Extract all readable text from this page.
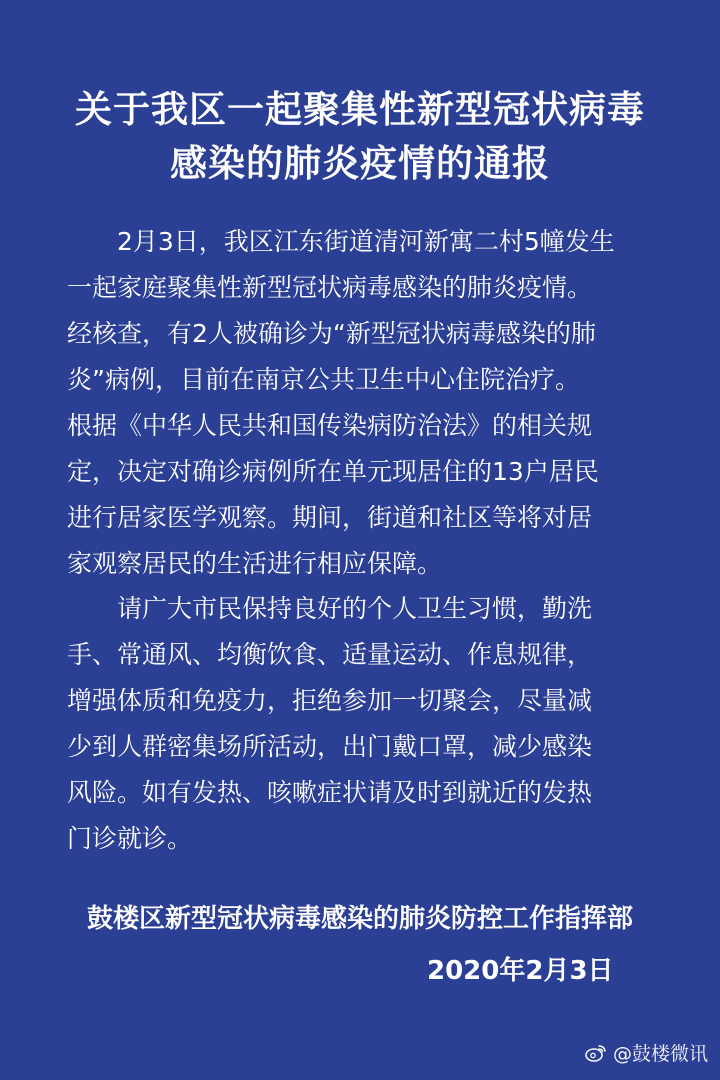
关于我区一起聚集性新型冠状病毒
感染的肺炎疫情的通报
2月3日，我区江东街道清河新寓二村5幢发生
一起家庭聚集性新型冠状病毒感染的肺炎疫情。
经核查，有2人被确诊为“新型冠状病毒感染的肺
炎”病例，目前在南京公共卫生中心住院治疗。
根据《中华人民共和国传染病防治法》的相关规
定，决定对确诊病例所在单元现居住的13户居民
进行居家医学观察。期间，街道和社区等将对居
家观察居民的生活进行相应保障。
请广大市民保持良好的个人卫生习惯，勤洗
手、常通风、均衡饮食、适量运动、作息规律，
增强体质和免疫力，拒绝参加一切聚会，尽量减
少到人群密集场所活动，出门戴口罩，减少感染
风险。如有发热、咳嗽症状请及时到就近的发热
门诊就诊。
鼓楼区新型冠状病毒感染的肺炎防控工作指挥部
2020年2月3日
@鼓楼微讯
